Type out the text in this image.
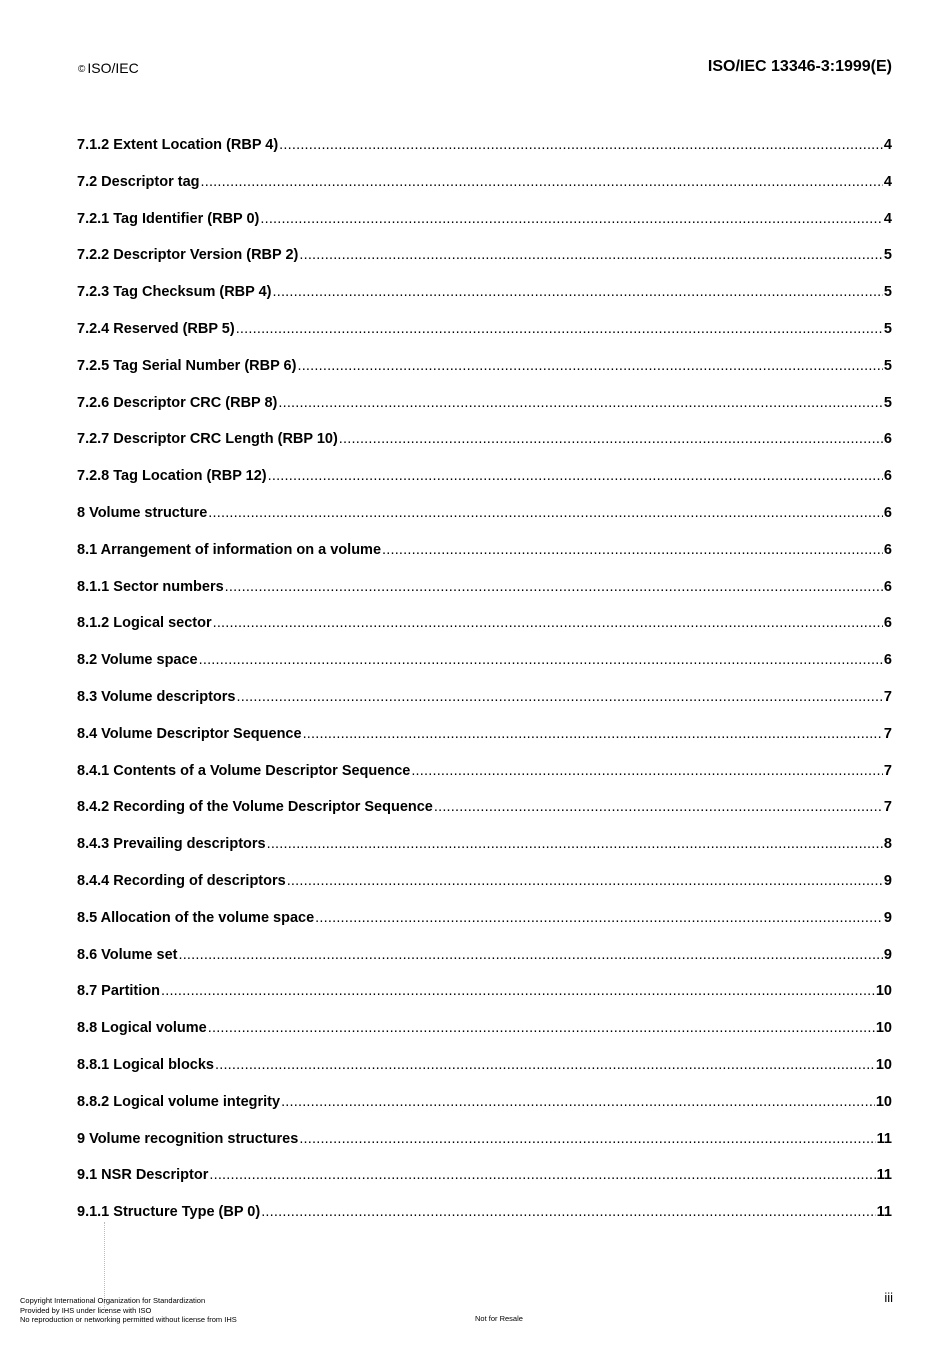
© ISO/IEC	ISO/IEC 13346-3:1999(E)
7.1.2 Extent Location (RBP 4) .....	4
7.2 Descriptor tag .....	4
7.2.1 Tag Identifier (RBP 0) .....	4
7.2.2 Descriptor Version (RBP 2) .....	5
7.2.3 Tag Checksum (RBP 4) .....	5
7.2.4 Reserved (RBP 5) .....	5
7.2.5 Tag Serial Number (RBP 6) .....	5
7.2.6 Descriptor CRC (RBP 8) .....	5
7.2.7 Descriptor CRC Length (RBP 10) .....	6
7.2.8 Tag Location (RBP 12) .....	6
8 Volume structure .....	6
8.1 Arrangement of information on a volume .....	6
8.1.1 Sector numbers .....	6
8.1.2 Logical sector .....	6
8.2 Volume space .....	6
8.3 Volume descriptors .....	7
8.4 Volume Descriptor Sequence .....	7
8.4.1 Contents of a Volume Descriptor Sequence .....	7
8.4.2 Recording of the Volume Descriptor Sequence .....	7
8.4.3 Prevailing descriptors .....	8
8.4.4 Recording of descriptors .....	9
8.5 Allocation of the volume space .....	9
8.6 Volume set .....	9
8.7 Partition .....	10
8.8 Logical volume .....	10
8.8.1 Logical blocks .....	10
8.8.2 Logical volume integrity .....	10
9 Volume recognition structures .....	11
9.1 NSR Descriptor .....	11
9.1.1 Structure Type (BP 0) .....	11
iii
Copyright International Organization for Standardization
Provided by IHS under license with ISO
No reproduction or networking permitted without license from IHS	Not for Resale
